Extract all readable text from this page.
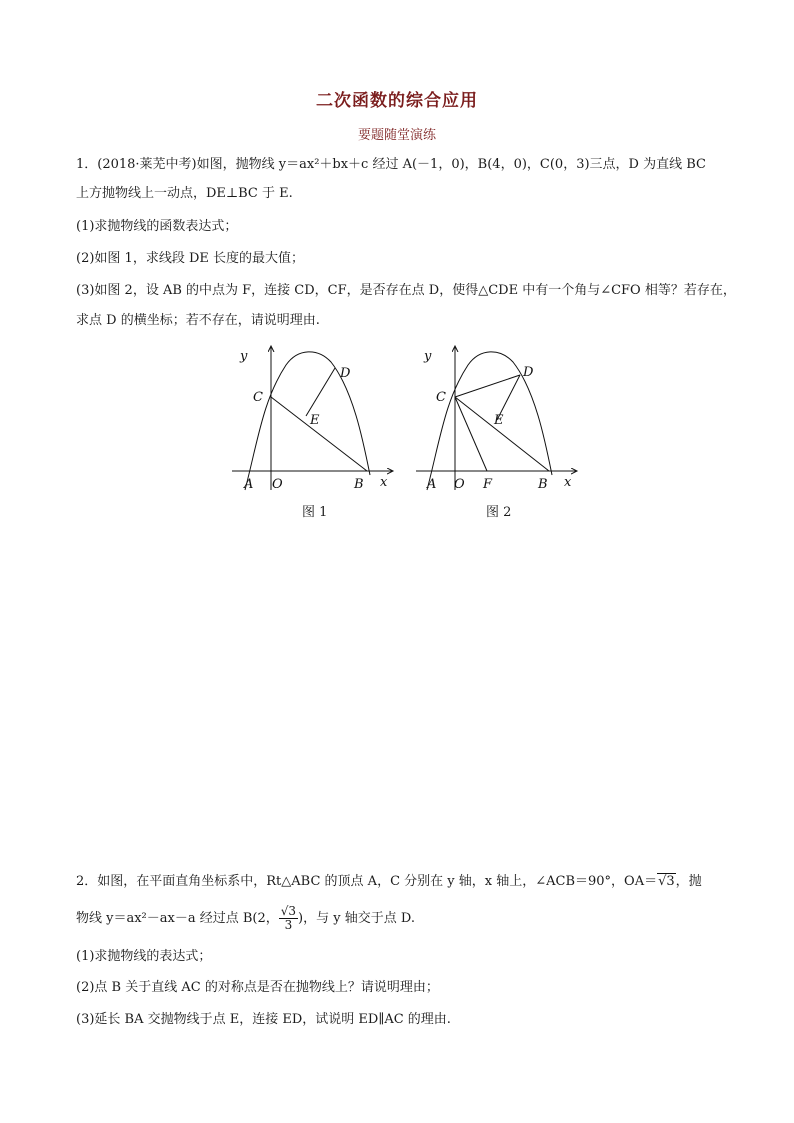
二次函数的综合应用
要题随堂演练
1．(2018·莱芜中考)如图，抛物线 y＝ax²＋bx＋c 经过 A(－1，0)，B(4，0)，C(0，3)三点，D 为直线 BC
上方抛物线上一动点，DE⊥BC 于 E.
(1)求抛物线的函数表达式；
(2)如图 1，求线段 DE 长度的最大值；
(3)如图 2，设 AB 的中点为 F，连接 CD，CF，是否存在点 D，使得△CDE 中有一个角与∠CFO 相等？若存在，
求点 D 的横坐标；若不存在，请说明理由.
y
x
C
D
E
A O	B
图 1
y
x
C
D
E
A O F	B
图 2
2．如图，在平面直角坐标系中，Rt△ABC 的顶点 A，C 分别在 y 轴，x 轴上，∠ACB＝90°，OA＝√3，抛
物线 y＝ax²－ax－a 经过点 B(2， $\frac{√3}{3}$ )，与 y 轴交于点 D.
(1)求抛物线的表达式；
(2)点 B 关于直线 AC 的对称点是否在抛物线上？请说明理由；
(3)延长 BA 交抛物线于点 E，连接 ED，试说明 ED∥AC 的理由.
